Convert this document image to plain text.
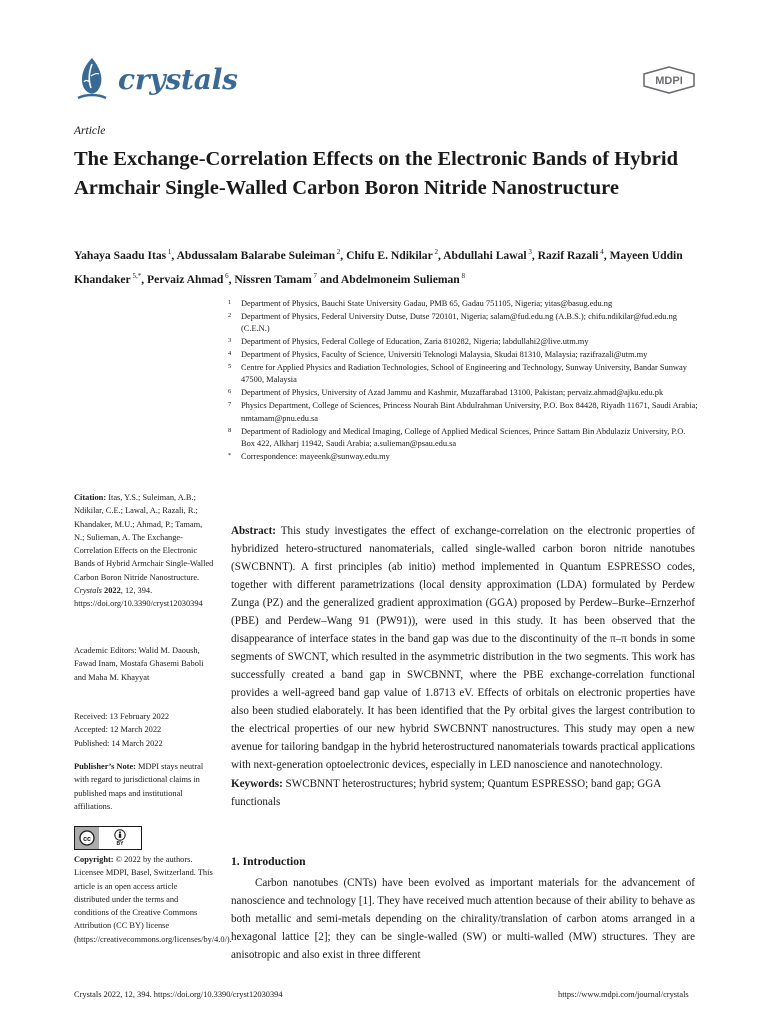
crystals	MDPI
Article
The Exchange-Correlation Effects on the Electronic Bands of Hybrid Armchair Single-Walled Carbon Boron Nitride Nanostructure
Yahaya Saadu Itas $^1$, Abdussalam Balarabe Suleiman $^2$, Chifu E. Ndikilar $^2$, Abdullahi Lawal $^3$, Razif Razali $^4$, Mayeen Uddin Khandaker $^{5,*}$, Pervaiz Ahmad $^6$, Nissren Tamam $^7$ and Abdelmoneim Sulieman $^8$
1 Department of Physics, Bauchi State University Gadau, PMB 65, Gadau 751105, Nigeria; yitas@basug.edu.ng
2 Department of Physics, Federal University Dutse, Dutse 720101, Nigeria; salam@fud.edu.ng (A.B.S.); chifu.ndikilar@fud.edu.ng (C.E.N.)
3 Department of Physics, Federal College of Education, Zaria 810282, Nigeria; labdullahi2@live.utm.my
4 Department of Physics, Faculty of Science, Universiti Teknologi Malaysia, Skudai 81310, Malaysia; razifrazali@utm.my
5 Centre for Applied Physics and Radiation Technologies, School of Engineering and Technology, Sunway University, Bandar Sunway 47500, Malaysia
6 Department of Physics, University of Azad Jammu and Kashmir, Muzaffarabad 13100, Pakistan; pervaiz.ahmad@ajku.edu.pk
7 Physics Department, College of Sciences, Princess Nourah Bint Abdulrahman University, P.O. Box 84428, Riyadh 11671, Saudi Arabia; nmtamam@pnu.edu.sa
8 Department of Radiology and Medical Imaging, College of Applied Medical Sciences, Prince Sattam Bin Abdulaziz University, P.O. Box 422, Alkharj 11942, Saudi Arabia; a.sulieman@psau.edu.sa
* Correspondence: mayeenk@sunway.edu.my
Citation: Itas, Y.S.; Suleiman, A.B.; Ndikilar, C.E.; Lawal, A.; Razali, R.; Khandaker, M.U.; Ahmad, P.; Tamam, N.; Sulieman, A. The Exchange-Correlation Effects on the Electronic Bands of Hybrid Armchair Single-Walled Carbon Boron Nitride Nanostructure. Crystals 2022, 12, 394. https://doi.org/10.3390/cryst12030394
Academic Editors: Walid M. Daoush, Fawad Inam, Mostafa Ghasemi Baboli and Maha M. Khayyat
Received: 13 February 2022
Accepted: 12 March 2022
Published: 14 March 2022
Publisher’s Note: MDPI stays neutral with regard to jurisdictional claims in published maps and institutional affiliations.
cc
BY
Copyright: © 2022 by the authors. Licensee MDPI, Basel, Switzerland. This article is an open access article distributed under the terms and conditions of the Creative Commons Attribution (CC BY) license (https://creativecommons.org/licenses/by/4.0/).

Abstract: This study investigates the effect of exchange-correlation on the electronic properties of hybridized hetero-structured nanomaterials, called single-walled carbon boron nitride nanotubes (SWCBNNT). A first principles (ab initio) method implemented in Quantum ESPRESSO codes, together with different parametrizations (local density approximation (LDA) formulated by Perdew Zunga (PZ) and the generalized gradient approximation (GGA) proposed by Perdew–Burke–Ernzerhof (PBE) and Perdew–Wang 91 (PW91)), were used in this study. It has been observed that the disappearance of interface states in the band gap was due to the discontinuity of the π–π bonds in some segments of SWCNT, which resulted in the asymmetric distribution in the two segments. This work has successfully created a band gap in SWCBNNT, where the PBE exchange-correlation functional provides a well-agreed band gap value of 1.8713 eV. Effects of orbitals on electronic properties have also been studied elaborately. It has been identified that the Py orbital gives the largest contribution to the electrical properties of our new hybrid SWCBNNT nanostructures. This study may open a new avenue for tailoring bandgap in the hybrid heterostructured nanomaterials towards practical applications with next-generation optoelectronic devices, especially in LED nanoscience and nanotechnology.

Keywords: SWCBNNT heterostructures; hybrid system; Quantum ESPRESSO; band gap; GGA functionals

1. Introduction

Carbon nanotubes (CNTs) have been evolved as important materials for the advancement of nanoscience and technology [1]. They have received much attention because of their ability to behave as both metallic and semi-metals depending on the chirality/translation of carbon atoms arranged in a hexagonal lattice [2]; they can be single-walled (SW) or multi-walled (MW) structures. They are anisotropic and also exist in three different

Crystals 2022, 12, 394. https://doi.org/10.3390/cryst12030394	https://www.mdpi.com/journal/crystals
